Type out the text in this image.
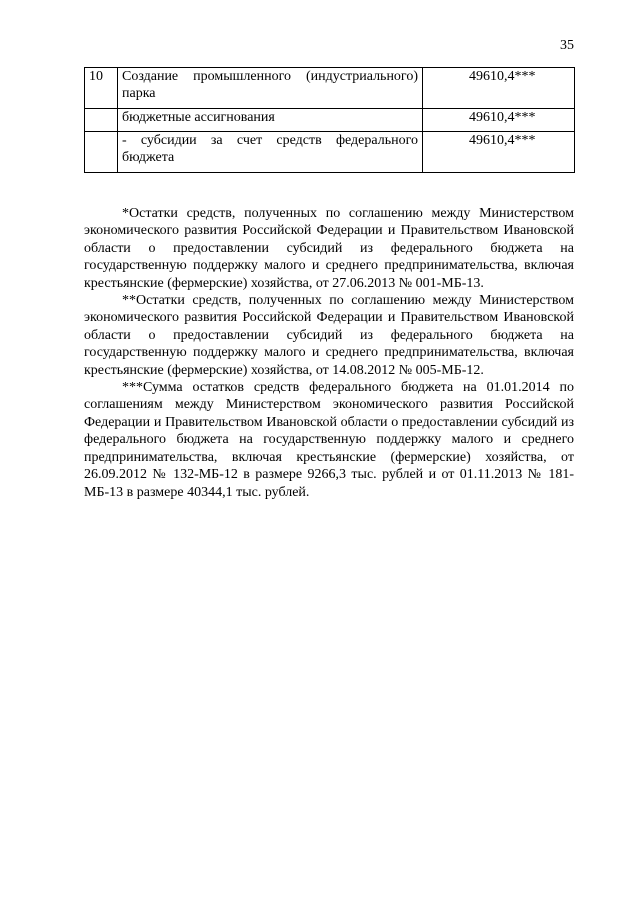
35
10	Создание промышленного (индустриального) парка	49610,4***
	бюджетные ассигнования	49610,4***
	- субсидии за счет средств федерального бюджета	49610,4***

*Остатки средств, полученных по соглашению между Министерством экономического развития Российской Федерации и Правительством Ивановской области о предоставлении субсидий из федерального бюджета на государственную поддержку малого и среднего предпринимательства, включая крестьянские (фермерские) хозяйства, от 27.06.2013 № 001-МБ-13.

**Остатки средств, полученных по соглашению между Министерством экономического развития Российской Федерации и Правительством Ивановской области о предоставлении субсидий из федерального бюджета на государственную поддержку малого и среднего предпринимательства, включая крестьянские (фермерские) хозяйства, от 14.08.2012 № 005-МБ-12.

***Сумма остатков средств федерального бюджета на 01.01.2014 по соглашениям между Министерством экономического развития Российской Федерации и Правительством Ивановской области о предоставлении субсидий из федерального бюджета на государственную поддержку малого и среднего предпринимательства, включая крестьянские (фермерские) хозяйства, от 26.09.2012 № 132-МБ-12 в размере 9266,3 тыс. рублей и от 01.11.2013 № 181-МБ-13 в размере 40344,1 тыс. рублей.
